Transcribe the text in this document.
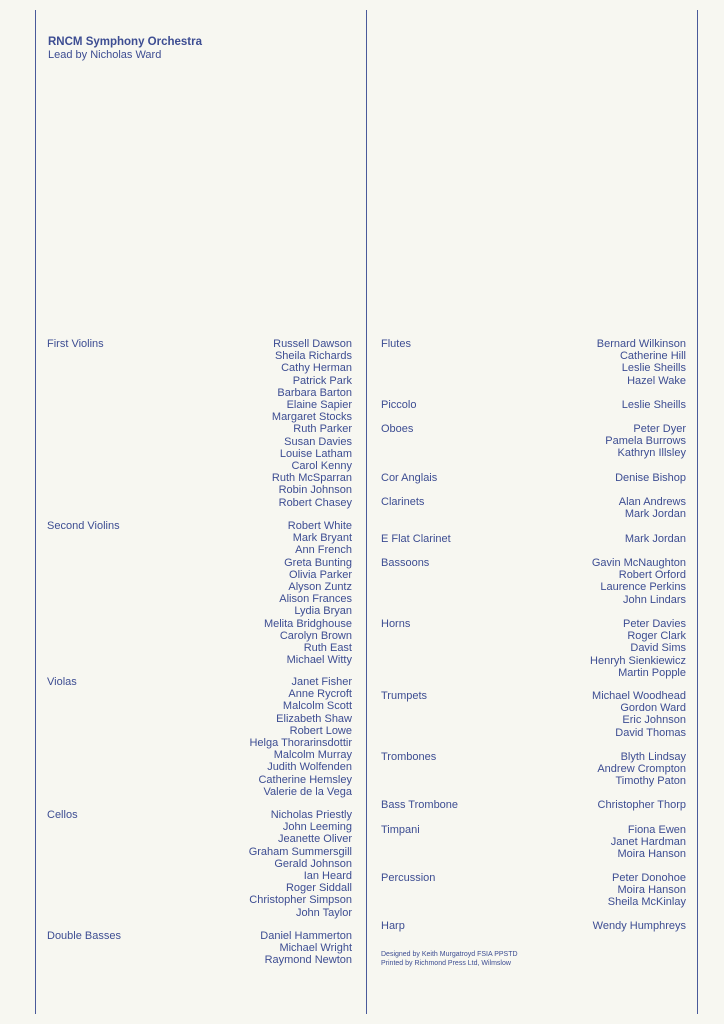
RNCM Symphony Orchestra
Lead by Nicholas Ward
First Violins	Russell Dawson
Sheila Richards
Cathy Herman
Patrick Park
Barbara Barton
Elaine Sapier
Margaret Stocks
Ruth Parker
Susan Davies
Louise Latham
Carol Kenny
Ruth McSparran
Robin Johnson
Robert Chasey
Second Violins	Robert White
Mark Bryant
Ann French
Greta Bunting
Olivia Parker
Alyson Zuntz
Alison Frances
Lydia Bryan
Melita Bridghouse
Carolyn Brown
Ruth East
Michael Witty
Violas	Janet Fisher
Anne Rycroft
Malcolm Scott
Elizabeth Shaw
Robert Lowe
Helga Thorarinsdottir
Malcolm Murray
Judith Wolfenden
Catherine Hemsley
Valerie de la Vega
Cellos	Nicholas Priestly
John Leeming
Jeanette Oliver
Graham Summersgill
Gerald Johnson
Ian Heard
Roger Siddall
Christopher Simpson
John Taylor
Double Basses	Daniel Hammerton
Michael Wright
Raymond Newton
Flutes	Bernard Wilkinson
Catherine Hill
Leslie Sheills
Hazel Wake
Piccolo	Leslie Sheills
Oboes	Peter Dyer
Pamela Burrows
Kathryn Illsley
Cor Anglais	Denise Bishop
Clarinets	Alan Andrews
Mark Jordan
E Flat Clarinet	Mark Jordan
Bassoons	Gavin McNaughton
Robert Orford
Laurence Perkins
John Lindars
Horns	Peter Davies
Roger Clark
David Sims
Henryh Sienkiewicz
Martin Popple
Trumpets	Michael Woodhead
Gordon Ward
Eric Johnson
David Thomas
Trombones	Blyth Lindsay
Andrew Crompton
Timothy Paton
Bass Trombone	Christopher Thorp
Timpani	Fiona Ewen
Janet Hardman
Moira Hanson
Percussion	Peter Donohoe
Moira Hanson
Sheila McKinlay
Harp	Wendy Humphreys
Designed by Keith Murgatroyd FSIA PPSTD
Printed by Richmond Press Ltd, Wilmslow
